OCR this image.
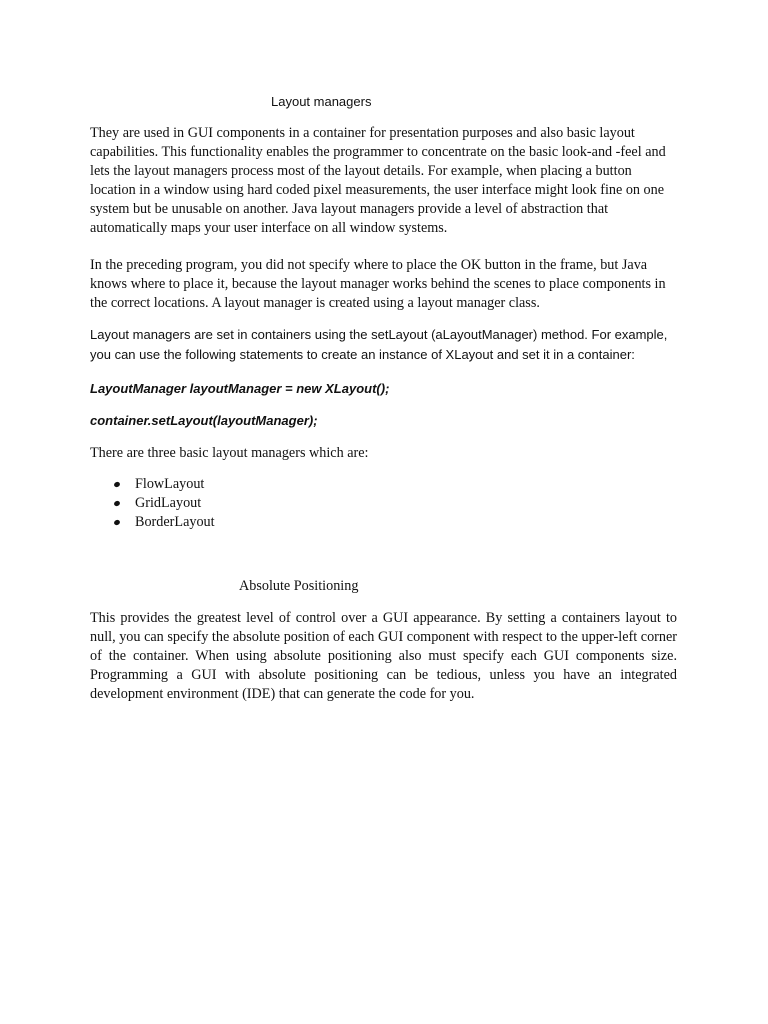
Layout managers

They are used in GUI components in a container for presentation purposes and also basic layout capabilities. This functionality enables the programmer to concentrate on the basic look-and -feel and lets the layout managers process most of the layout details. For example, when placing a button location in a window using hard coded pixel measurements, the user interface might look fine on one system but be unusable on another. Java layout managers provide a level of abstraction that automatically maps your user interface on all window systems.

In the preceding program, you did not specify where to place the OK button in the frame, but Java knows where to place it, because the layout manager works behind the scenes to place components in the correct locations. A layout manager is created using a layout manager class.

Layout managers are set in containers using the setLayout (aLayoutManager) method. For example, you can use the following statements to create an instance of XLayout and set it in a container:

LayoutManager layoutManager = new XLayout();

container.setLayout(layoutManager);

There are three basic layout managers which are:

FlowLayout
GridLayout
BorderLayout

Absolute Positioning

This provides the greatest level of control over a GUI appearance. By setting a containers layout to null, you can specify the absolute position of each GUI component with respect to the upper-left corner of the container. When using absolute positioning also must specify each GUI components size. Programming a GUI with absolute positioning can be tedious, unless you have an integrated development environment (IDE) that can generate the code for you.
